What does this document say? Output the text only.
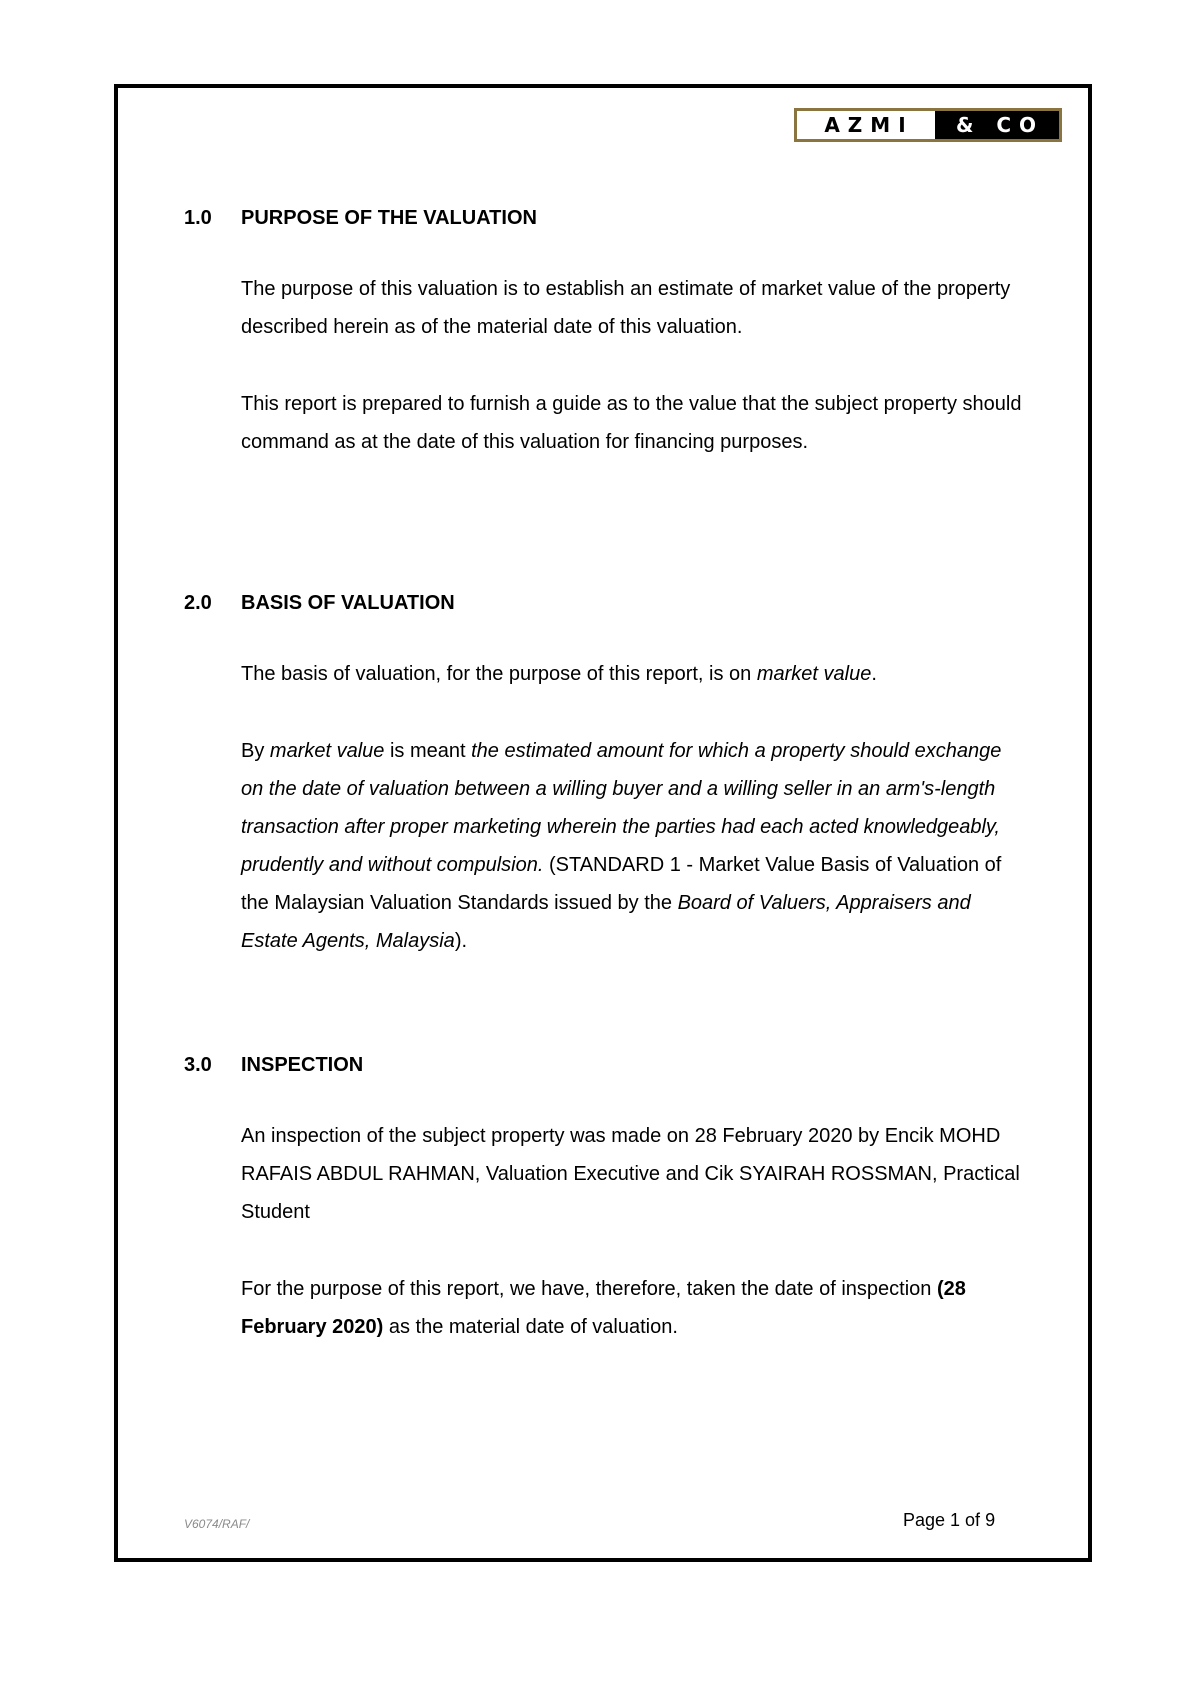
AZMI	& CO
1.0	PURPOSE OF THE VALUATION

The purpose of this valuation is to establish an estimate of market value of the property described herein as of the material date of this valuation.

This report is prepared to furnish a guide as to the value that the subject property should command as at the date of this valuation for financing purposes.

2.0	BASIS OF VALUATION

The basis of valuation, for the purpose of this report, is on market value.

By market value is meant the estimated amount for which a property should exchange on the date of valuation between a willing buyer and a willing seller in an arm's-length transaction after proper marketing wherein the parties had each acted knowledgeably, prudently and without compulsion. (STANDARD 1 - Market Value Basis of Valuation of the Malaysian Valuation Standards issued by the Board of Valuers, Appraisers and Estate Agents, Malaysia).

3.0	INSPECTION

An inspection of the subject property was made on 28 February 2020 by Encik MOHD RAFAIS ABDUL RAHMAN, Valuation Executive and Cik SYAIRAH ROSSMAN, Practical Student

For the purpose of this report, we have, therefore, taken the date of inspection (28 February 2020) as the material date of valuation.

V6074/RAF/	Page 1 of 9
